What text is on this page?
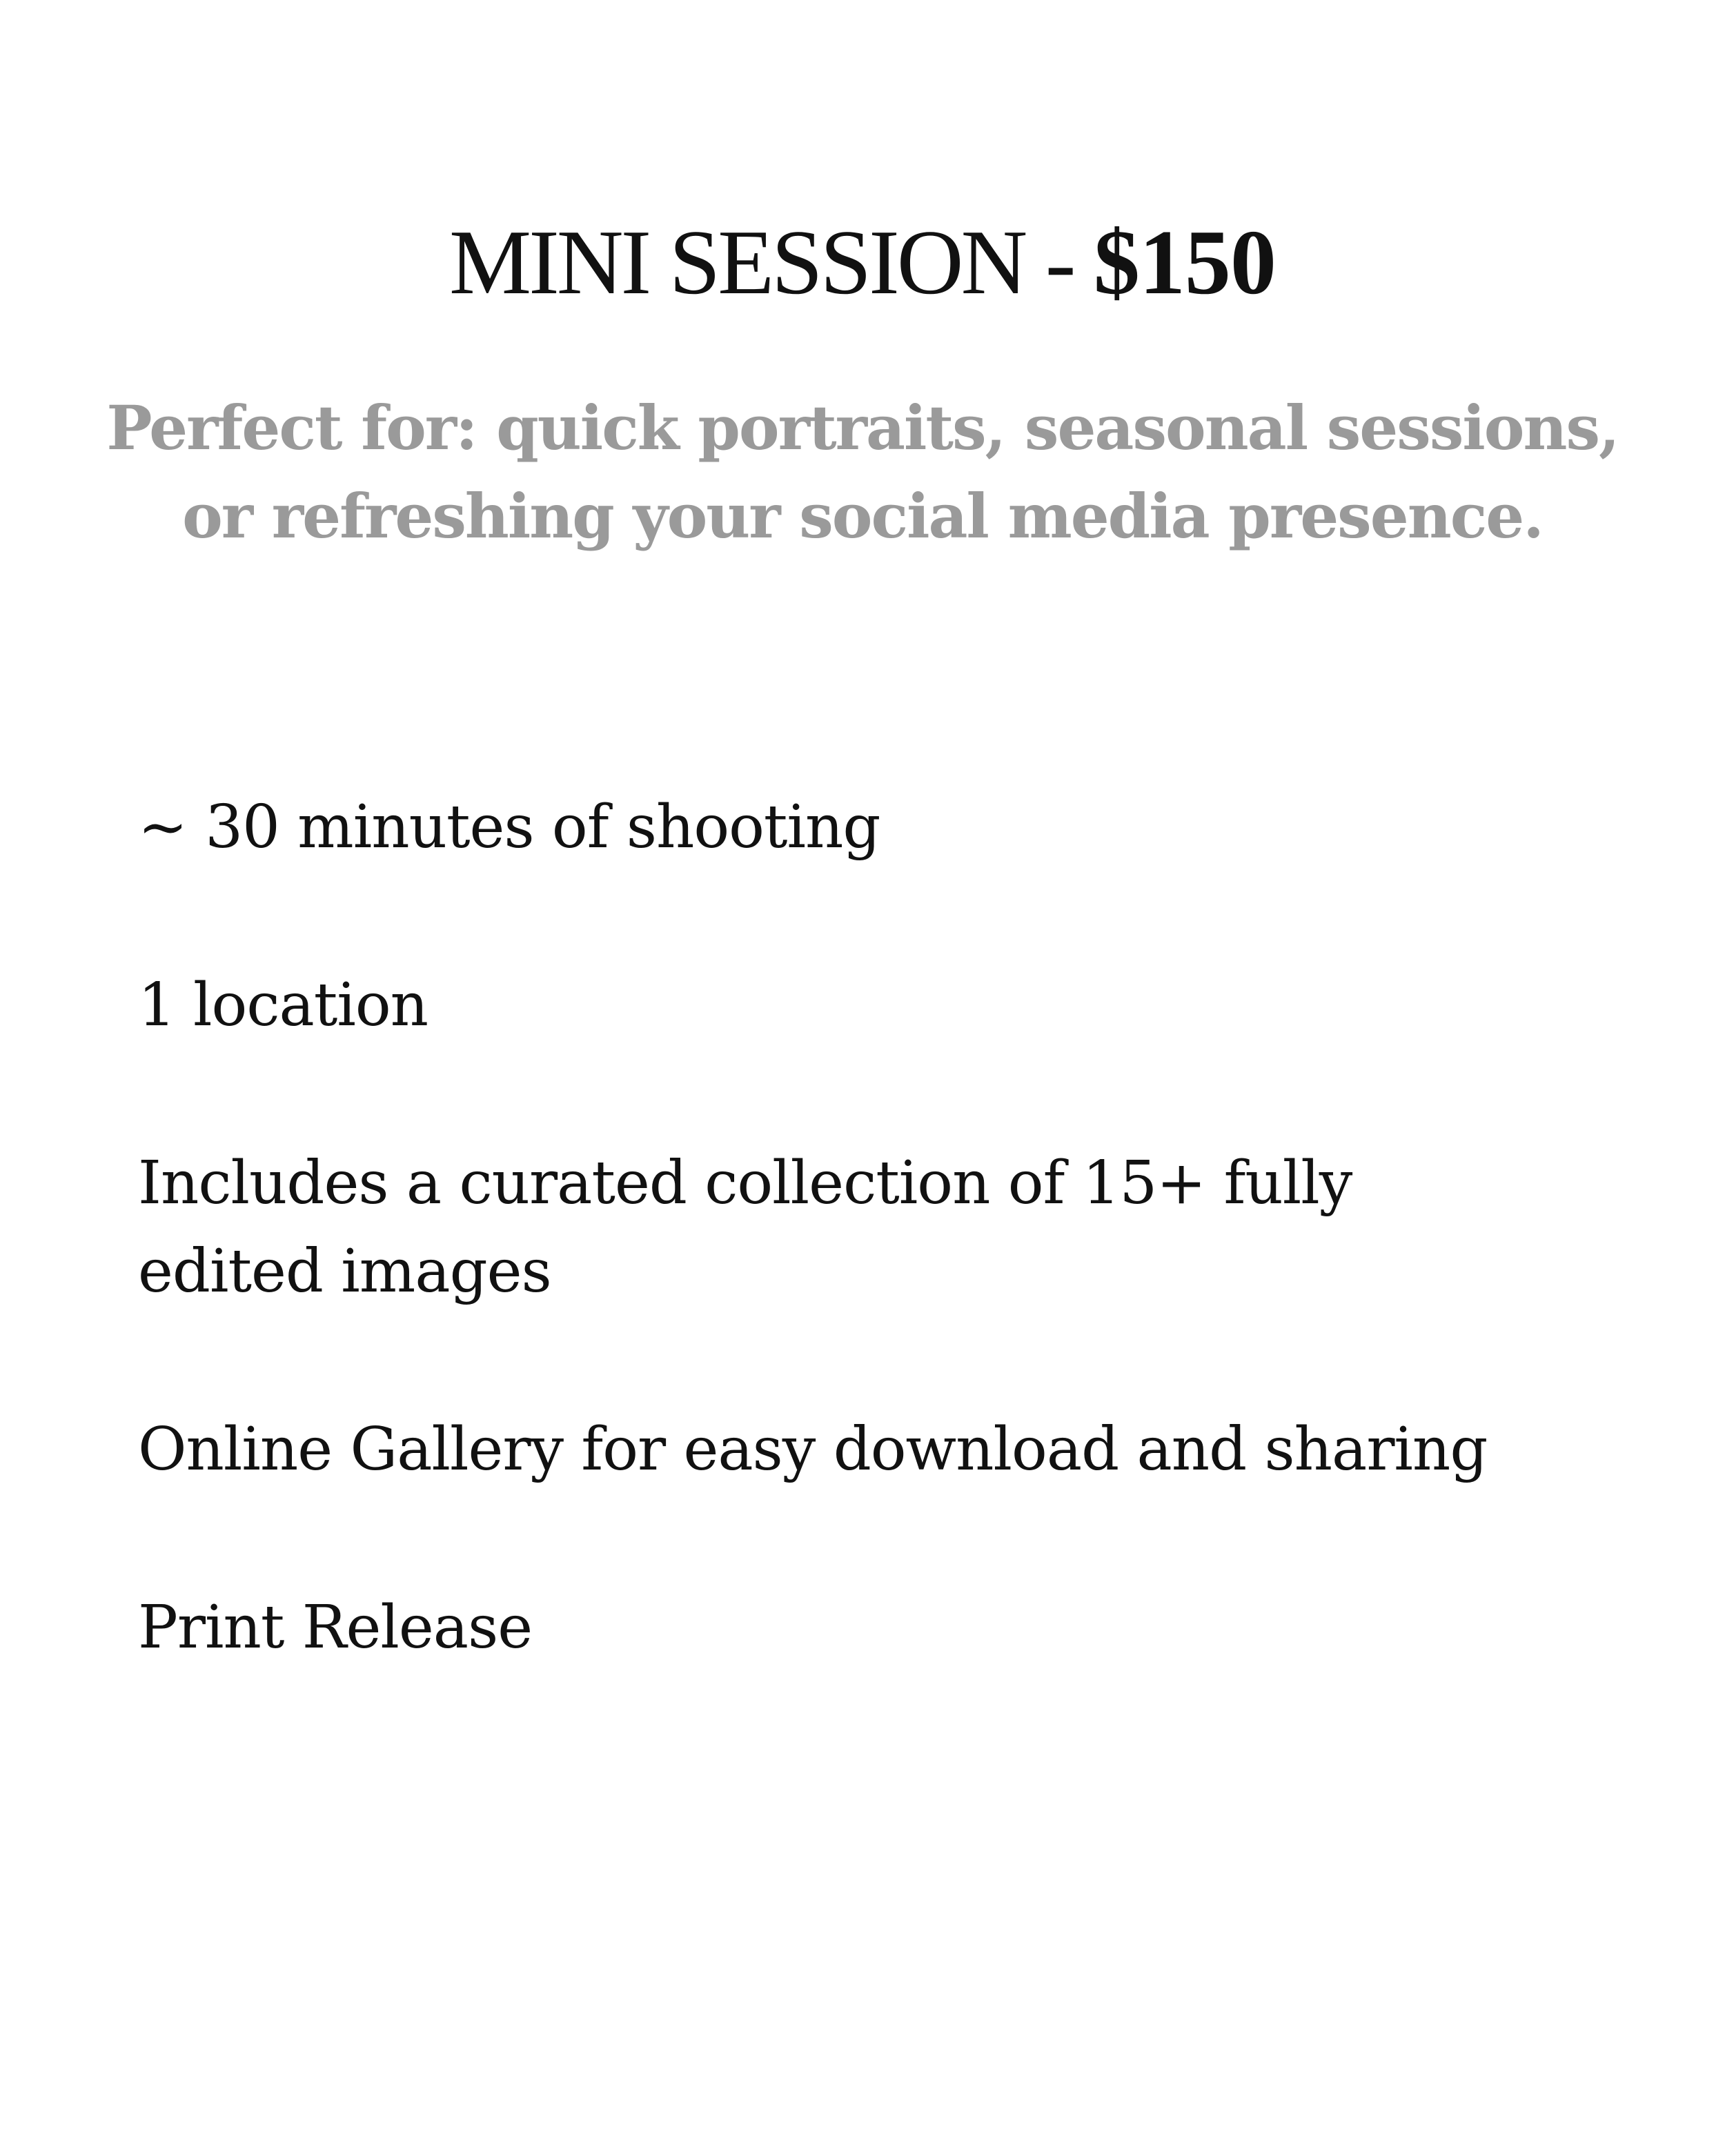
MINI SESSION - $150

Perfect for: quick portraits, seasonal sessions, or refreshing your social media presence.

~ 30 minutes of shooting
1 location
Includes a curated collection of 15+ fully edited images
Online Gallery for easy download and sharing
Print Release
